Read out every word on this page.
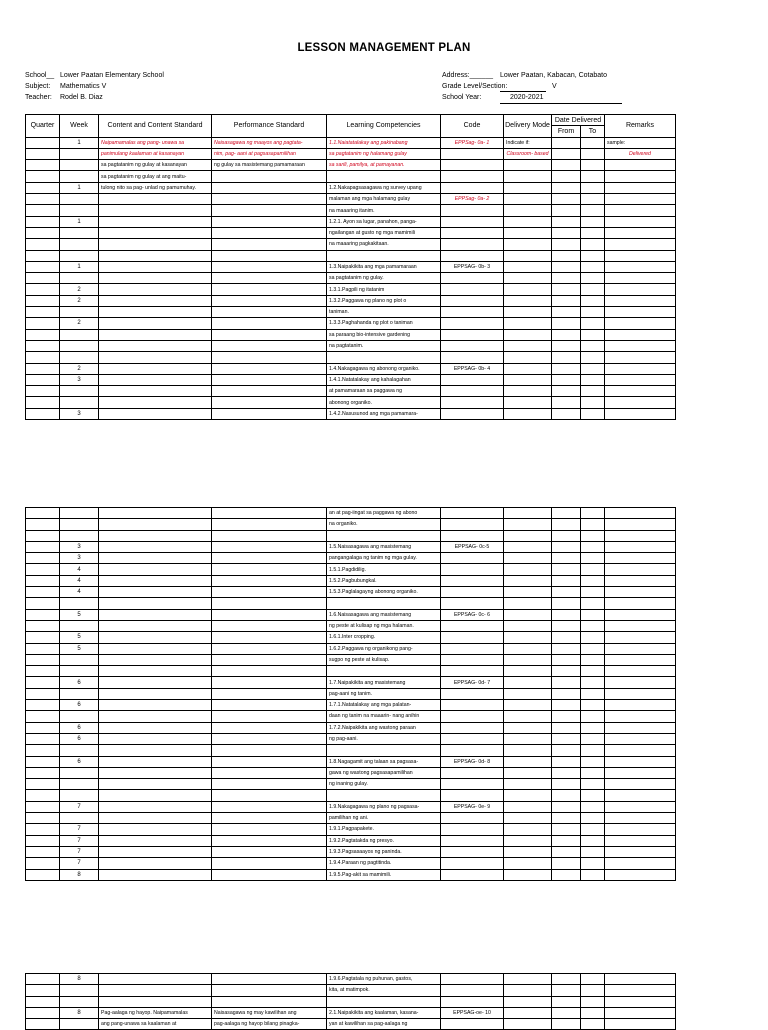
LESSON MANAGEMENT PLAN
School__ Lower Paatan Elementary School
Subject:	Mathematics V
Teacher:	Rodel B. Diaz
Address:______	Lower Paatan, Kabacan, Cotabato
Grade Level/Section:	V
School Year:	2020-2021
Quarter	Week	Content and Content Standard	Performance Standard	Learning Competencies	Code	Delivery Mode	Date Delivered		Remarks
							From	To	
	1	Naipamamalas ang pang- unawa sa	Naisasagawa ng maayos ang pagtata-	1.1.Naiatatalakay ang pakinabang	EPPSag- 0a- 1	Indicate if:			sample:
		panimulang kaalaman at kasanayan	nim, pag- aani at pagsasapamilihan	sa pagtatanim ng halamang gulay		Classroom- based			Delivered
		sa pagtatanim ng gulay at kasanayan	ng gulay sa masistemang pamamaraan	sa sarili, pamilya, at pamayanan.					
		sa pagtatanim ng gulay at ang maitu-							
	1	tulong nito sa pag- unlad ng pamumuhay.		1.2.Nakapagsasagawa ng survey upang					
				malaman ang mga halamang gulay	EPPSag- 0a- 2				
				na maaaring itanim.					
	1			1.2.1. Ayon sa lugar, panahon, panga-					
				ngailangan at gusto ng mga mamimili					
				na maaaring pagkakitaan.					

	1			1.3.Naipakikita ang mga pamamaraan	EPPSAG- 0b- 3				
				sa pagtatanim ng gulay.					
	2			1.3.1.Pagpili ng itatanim					
	2			1.3.2.Paggawa ng plano ng plot o					
				taniman.					
	2			1.3.3.Paghahanda ng plot o taniman					
				sa paraang bio-intensive gardening					
				na pagtatanim.					

	2			1.4.Nakagagawa ng abonong organiko.	EPPSAG- 0b- 4				
	3			1.4.1.Natatalakay ang kahalagahan					
				at pamamaraan sa paggawa ng					
				abonong organiko.					
	3			1.4.2.Nasusunod ang mga pamamara-					
				an at pag-iingat sa paggawa ng abono					
				na organiko.					

	3			1.5.Naisasagawa ang masistemang	EPPSAG- 0c-5				
	3			pangangalaga ng tanim ng mga gulay.					
	4			1.5.1.Pagdidilig.					
	4			1.5.2.Pagbubungkal.					
	4			1.5.3.Paglalagayng abonong organiko.					

	5			1.6.Naisasagawa ang masistemang	EPPSAG- 0c- 6				
				ng peste at kulisap ng mga halaman.					
	5			1.6.1.Inter cropping.					
	5			1.6.2.Paggawa ng organikong pang-					
				sugpo ng peste at kulisap.					

	6			1.7.Naipakikita ang masistemang	EPPSAG- 0d- 7				
				pag-aani ng tanim.					
	6			1.7.1.Natatalakay ang mga palatan-					
				daan ng tanim na maaarin- nang anihin					
	6			1.7.2.Naipakikita ang wastong paraan					
	6			ng pag-aani.					

	6			1.8.Nagagamit ang talaan sa pagsasa-	EPPSAG- 0d- 8				
				gawa ng wastong pagsasapamilihan					
				ng inaning gulay.					

	7			1.9.Nakagagawa ng plano ng pagsasa-	EPPSAG- 0e- 9				
				pamilihan ng ani.					
	7			1.9.1.Pagpapakete.					
	7			1.9.2.Pagtatakda ng presyo.					
	7			1.9.3.Pagsasaayos ng paninda.					
	7			1.9.4.Paraan ng pagtitinda.					
	8			1.9.5.Pag-akit sa mamimili.					
	8			1.9.6.Pagtatala ng puhunan, gastos,					
				kita, at matimpok.					

	8	Pag-aalaga ng hayop. Naipamamalas	Naisasagawa ng may kawilihan ang	2.1.Naipakikita ang kaalaman, kasana-	EPPSAG-oe- 10				
		ang pang-unawa sa kaalaman at	pag-aalaga ng hayop bilang pinagka-	yan at kawilihan sa pag-aalaga ng					
